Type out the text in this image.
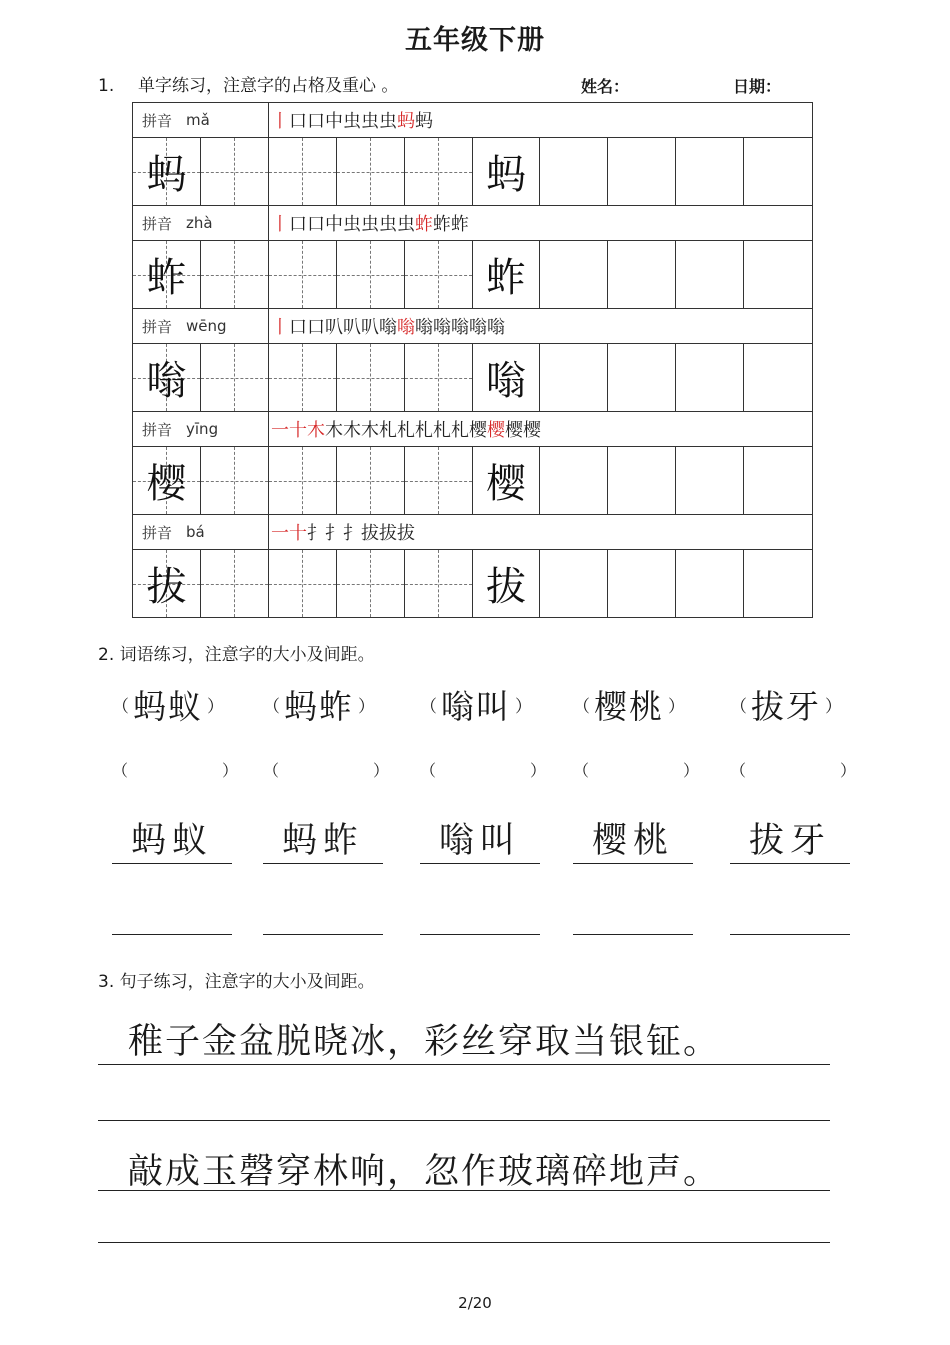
五年级下册
1. 单字练习，注意字的占格及重心 。	姓名：	日期：
拼音 mǎ	丨 口 口 中 虫 虫 虫 蚂 蚂
蚂	蚂
拼音 zhà	丨 口 口 中 虫 虫 虫 虫 蚱 蚱 蚱
蚱	蚱
拼音 wēng 丨 口 口 叭 叭 叭 嗡 嗡 嗡 嗡 嗡 嗡 嗡
嗡	嗡
拼音 yīng	一 十 木 木 木 木 札 札 札 札 札 樱 樱 樱 樱
樱	樱
拼音 bá	一 十 扌 扌 扌 拔 拔 拔
拔	拔
2. 词语练习，注意字的大小及间距。
（ 蚂蚁 ）
（	）
蚂蚁
（ 蚂蚱 ）
（	）
蚂蚱
（ 嗡叫 ）
（	）
嗡叫
（ 樱桃 ）
（	）
樱桃
（ 拔牙 ）
（	）
拔牙
3. 句子练习，注意字的大小及间距。
稚子金盆脱晓冰，彩丝穿取当银钲。
敲成玉磬穿林响，忽作玻璃碎地声。
2/20
